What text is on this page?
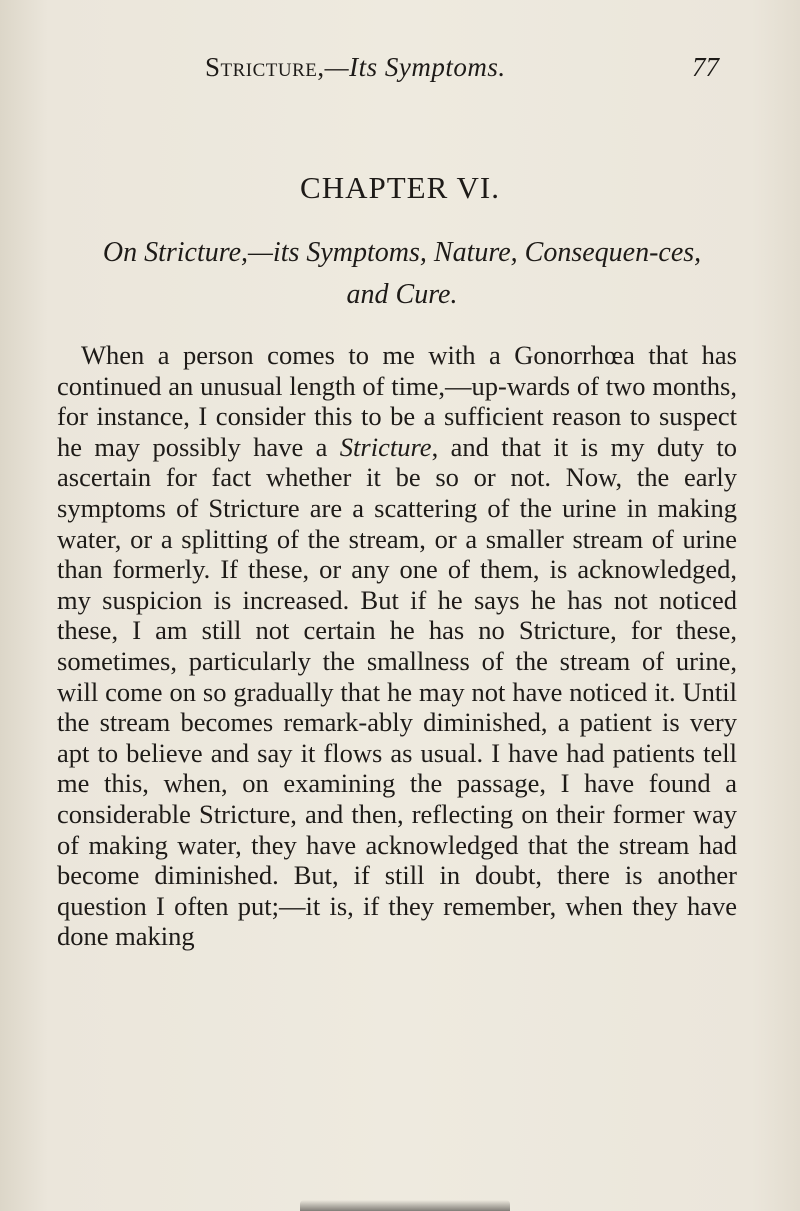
Stricture,—Its Symptoms.	77
CHAPTER VI.
On Stricture,—its Symptoms, Nature, Consequen-ces, and Cure.
When a person comes to me with a Gonorrhœa that has continued an unusual length of time,—up-wards of two months, for instance, I consider this to be a sufficient reason to suspect he may possibly have a Stricture, and that it is my duty to ascertain for fact whether it be so or not. Now, the early symptoms of Stricture are a scattering of the urine in making water, or a splitting of the stream, or a smaller stream of urine than formerly. If these, or any one of them, is acknowledged, my suspicion is increased. But if he says he has not noticed these, I am still not certain he has no Stricture, for these, sometimes, particularly the smallness of the stream of urine, will come on so gradually that he may not have noticed it. Until the stream becomes remark-ably diminished, a patient is very apt to believe and say it flows as usual. I have had patients tell me this, when, on examining the passage, I have found a considerable Stricture, and then, reflecting on their former way of making water, they have acknowledged that the stream had become diminished. But, if still in doubt, there is another question I often put;—it is, if they remember, when they have done making
